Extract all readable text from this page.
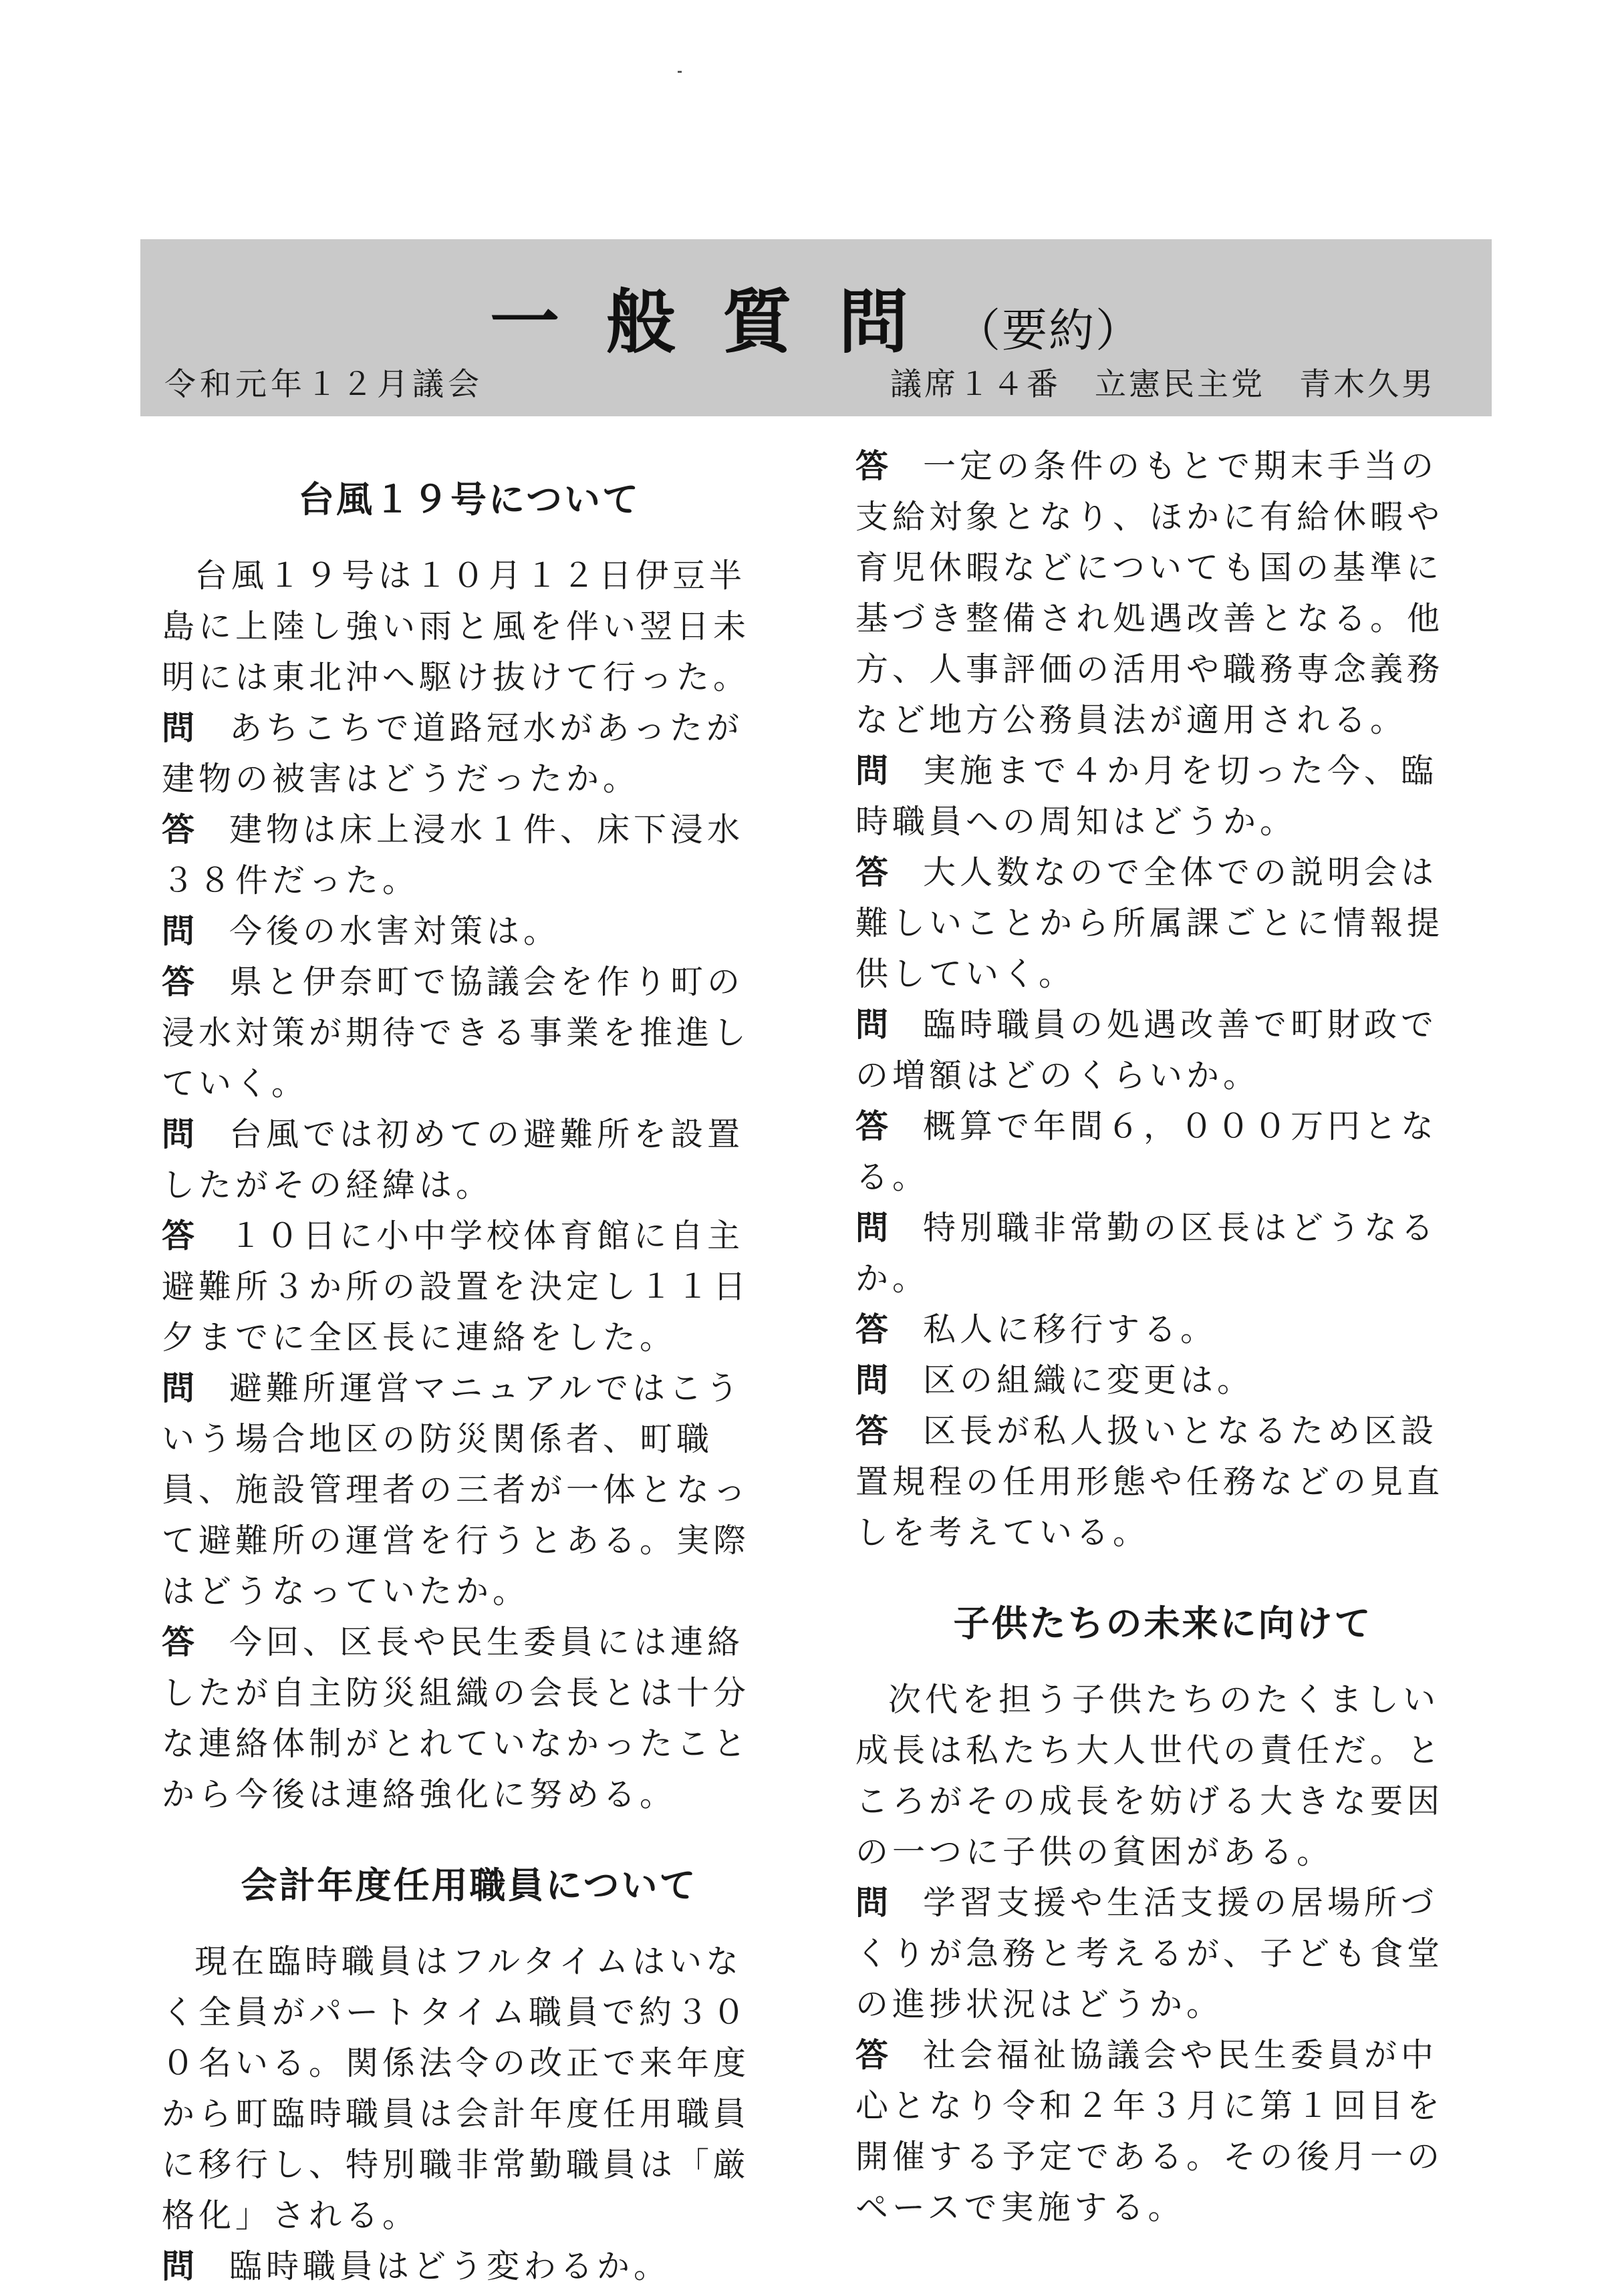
一般質問（要約）
令和元年１２月議会	議席１４番　立憲民主党　青木久男
台風１９号について

台風１９号は１０月１２日伊豆半島に上陸し強い雨と風を伴い翌日未明には東北沖へ駆け抜けて行った。

問 あちこちで道路冠水があったが建物の被害はどうだったか。

答 建物は床上浸水１件、床下浸水３８件だった。

問 今後の水害対策は。

答 県と伊奈町で協議会を作り町の浸水対策が期待できる事業を推進していく。

問 台風では初めての避難所を設置したがその経緯は。

答 １０日に小中学校体育館に自主避難所３か所の設置を決定し１１日夕までに全区長に連絡をした。

問 避難所運営マニュアルではこういう場合地区の防災関係者、町職員、施設管理者の三者が一体となって避難所の運営を行うとある。実際はどうなっていたか。

答 今回、区長や民生委員には連絡したが自主防災組織の会長とは十分な連絡体制がとれていなかったことから今後は連絡強化に努める。

会計年度任用職員について

現在臨時職員はフルタイムはいなく全員がパートタイム職員で約３００名いる。関係法令の改正で来年度から町臨時職員は会計年度任用職員に移行し、特別職非常勤職員は「厳格化」される。

問 臨時職員はどう変わるか。

答 一定の条件のもとで期末手当の支給対象となり、ほかに有給休暇や育児休暇などについても国の基準に基づき整備され処遇改善となる。他方、人事評価の活用や職務専念義務など地方公務員法が適用される。

問 実施まで４か月を切った今、臨時職員への周知はどうか。

答 大人数なので全体での説明会は難しいことから所属課ごとに情報提供していく。

問 臨時職員の処遇改善で町財政での増額はどのくらいか。

答 概算で年間６，０００万円となる。

問 特別職非常勤の区長はどうなるか。

答 私人に移行する。

問 区の組織に変更は。

答 区長が私人扱いとなるため区設置規程の任用形態や任務などの見直しを考えている。

子供たちの未来に向けて

次代を担う子供たちのたくましい成長は私たち大人世代の責任だ。ところがその成長を妨げる大きな要因の一つに子供の貧困がある。

問 学習支援や生活支援の居場所づくりが急務と考えるが、子ども食堂の進捗状況はどうか。

答 社会福祉協議会や民生委員が中心となり令和２年３月に第１回目を開催する予定である。その後月一のペースで実施する。
